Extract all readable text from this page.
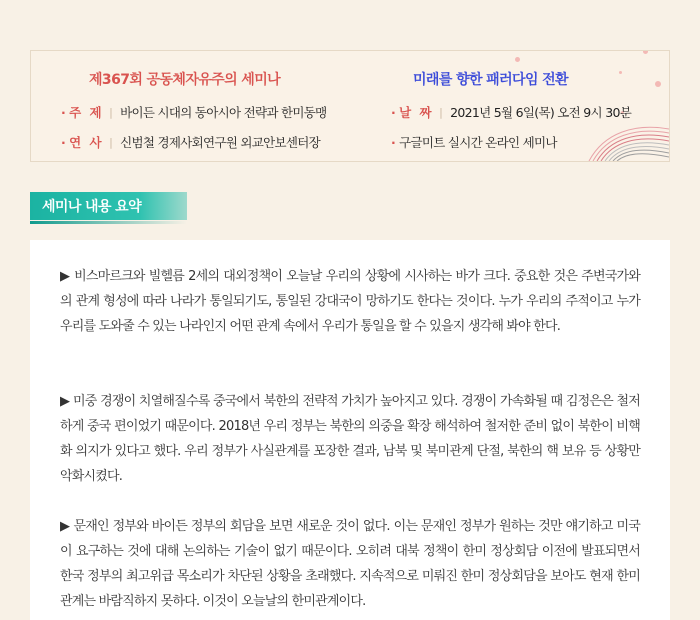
제367회 공동체자유주의 세미나
· 주 제 | 바이든 시대의 동아시아 전략과 한미동맹
· 연 사 | 신범철 경제사회연구원 외교안보센터장
미래를 향한 패러다임 전환
· 날 짜 | 2021년 5월 6일(목) 오전 9시 30분
· 구글미트 실시간 온라인 세미나
세미나 내용 요약

▶ 비스마르크와 빌헬름 2세의 대외정책이 오늘날 우리의 상황에 시사하는 바가 크다. 중요한 것은 주변국가와의 관계 형성에 따라 나라가 통일되기도, 통일된 강대국이 망하기도 한다는 것이다. 누가 우리의 주적이고 누가 우리를 도와줄 수 있는 나라인지 어떤 관계 속에서 우리가 통일을 할 수 있을지 생각해 봐야 한다.

▶ 미중 경쟁이 치열해질수록 중국에서 북한의 전략적 가치가 높아지고 있다. 경쟁이 가속화될 때 김정은은 철저하게 중국 편이었기 때문이다. 2018년 우리 정부는 북한의 의중을 확장 해석하여 철저한 준비 없이 북한이 비핵화 의지가 있다고 했다. 우리 정부가 사실관계를 포장한 결과, 남북 및 북미관계 단절, 북한의 핵 보유 등 상황만 악화시켰다.

▶ 문재인 정부와 바이든 정부의 회담을 보면 새로운 것이 없다. 이는 문재인 정부가 원하는 것만 얘기하고 미국이 요구하는 것에 대해 논의하는 기술이 없기 때문이다. 오히려 대북 정책이 한미 정상회담 이전에 발표되면서 한국 정부의 최고위급 목소리가 차단된 상황을 초래했다. 지속적으로 미뤄진 한미 정상회담을 보아도 현재 한미관계는 바람직하지 못하다. 이것이 오늘날의 한미관계이다.
